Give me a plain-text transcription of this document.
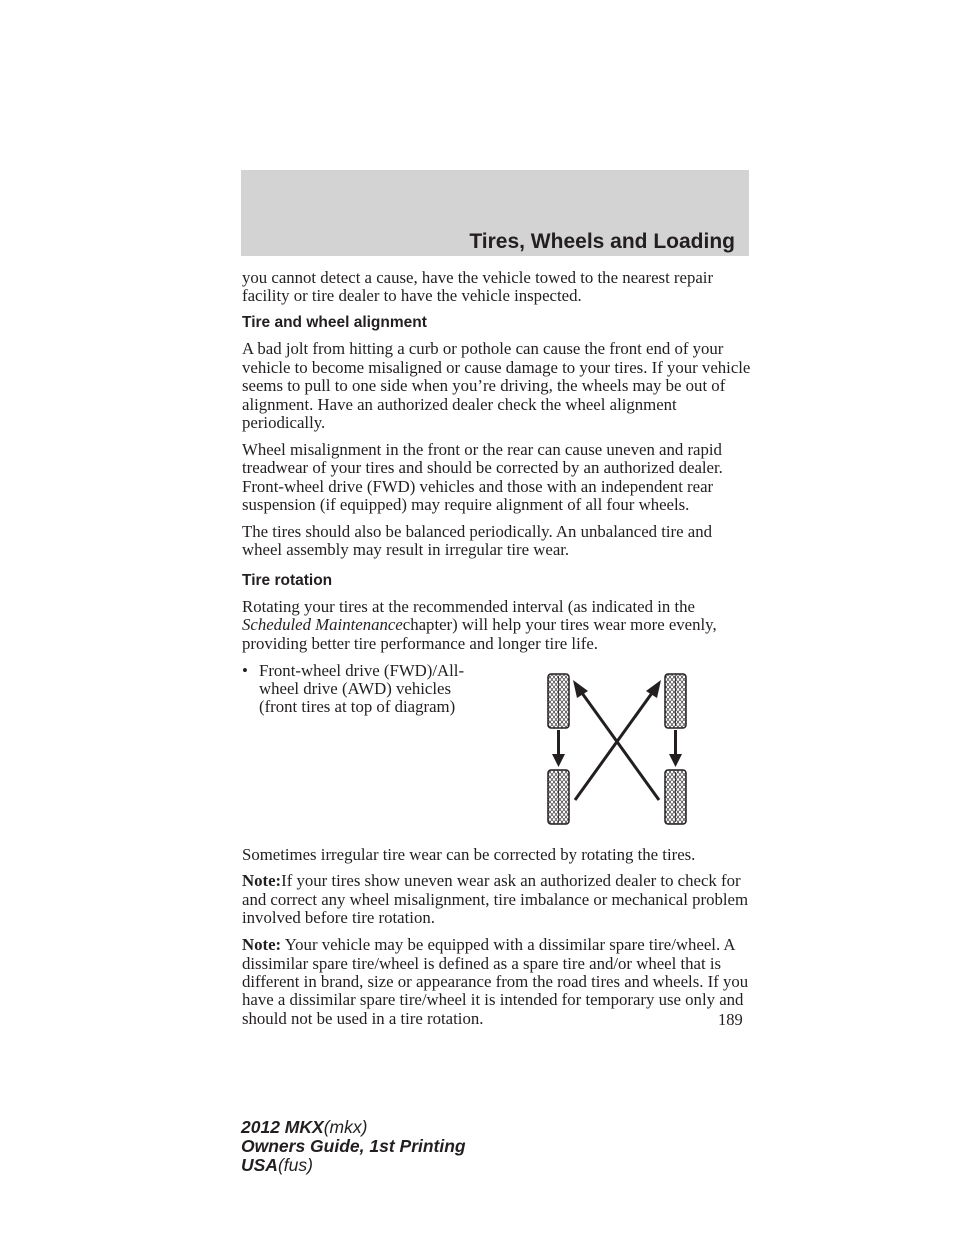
Tires, Wheels and Loading

you cannot detect a cause, have the vehicle towed to the nearest repair facility or tire dealer to have the vehicle inspected.

Tire and wheel alignment

A bad jolt from hitting a curb or pothole can cause the front end of your vehicle to become misaligned or cause damage to your tires. If your vehicle seems to pull to one side when you’re driving, the wheels may be out of alignment. Have an authorized dealer check the wheel alignment periodically.

Wheel misalignment in the front or the rear can cause uneven and rapid treadwear of your tires and should be corrected by an authorized dealer. Front-wheel drive (FWD) vehicles and those with an independent rear suspension (if equipped) may require alignment of all four wheels.

The tires should also be balanced periodically. An unbalanced tire and wheel assembly may result in irregular tire wear.

Tire rotation

Rotating your tires at the recommended interval (as indicated in the Scheduled Maintenancechapter) will help your tires wear more evenly, providing better tire performance and longer tire life.

• Front-wheel drive (FWD)/All-wheel drive (AWD) vehicles (front tires at top of diagram)

Sometimes irregular tire wear can be corrected by rotating the tires.

Note:If your tires show uneven wear ask an authorized dealer to check for and correct any wheel misalignment, tire imbalance or mechanical problem involved before tire rotation.

Note: Your vehicle may be equipped with a dissimilar spare tire/wheel. A dissimilar spare tire/wheel is defined as a spare tire and/or wheel that is different in brand, size or appearance from the road tires and wheels. If you have a dissimilar spare tire/wheel it is intended for temporary use only and should not be used in a tire rotation.	189
2012 MKX(mkx)
Owners Guide, 1st Printing
USA(fus)
